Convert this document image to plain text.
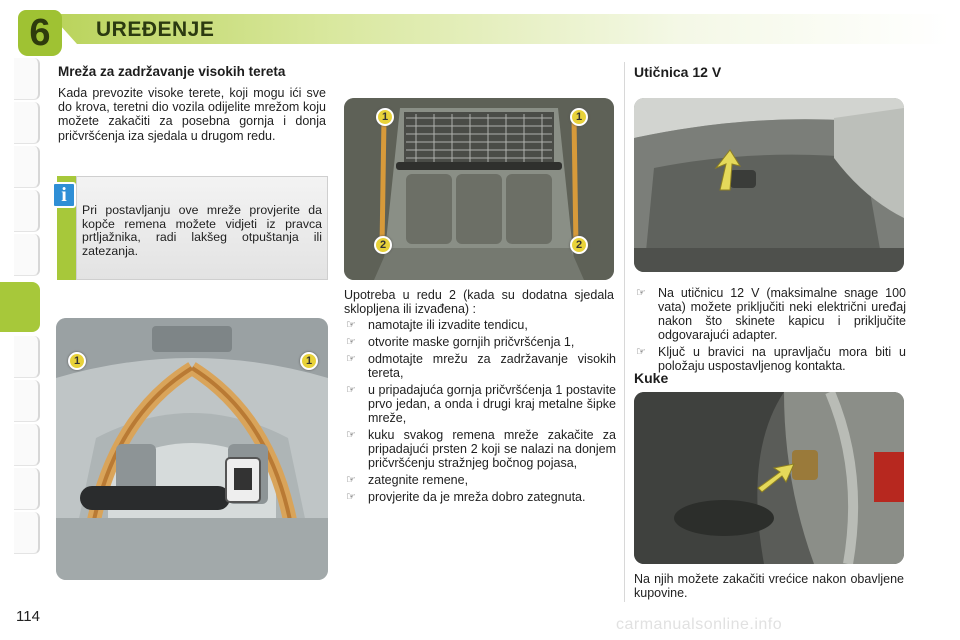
6	UREĐENJE
Mreža za zadržavanje visokih tereta
Kada prevozite visoke terete, koji mogu ići sve do krova, teretni dio vozila odijelite mrežom koju možete zakačiti za posebna gornja i donja pričvršćenja iza sjedala u drugom redu.
i
Pri postavljanju ove mreže provjerite da kopče remena možete vidjeti iz pravca prtljažnika, radi lakšeg otpuštanja ili zatezanja.
1	1
1	1
2	2
Upotreba u redu 2 (kada su dodatna sjedala sklopljena ili izvađena) :
☞ namotajte ili izvadite tendicu,
☞ otvorite maske gornjih pričvršćenja 1,
☞ odmotajte mrežu za zadržavanje visokih tereta,
☞ u pripadajuća gornja pričvršćenja 1 postavite prvo jedan, a onda i drugi kraj metalne šipke mreže,
☞ kuku svakog remena mreže zakačite za pripadajući prsten 2 koji se nalazi na donjem pričvršćenju stražnjeg bočnog pojasa,
☞ zategnite remene,
☞ provjerite da je mreža dobro zategnuta.
Utičnica 12 V
☞ Na utičnicu 12 V (maksimalne snage 100 vata) možete priključiti neki električni uređaj nakon što skinete kapicu i priključite odgovarajući adapter.
☞ Ključ u bravici na upravljaču mora biti u položaju uspostavljenog kontakta.
Kuke
Na njih možete zakačiti vrećice nakon obavljene kupovine.
114	carmanualsonline.info
